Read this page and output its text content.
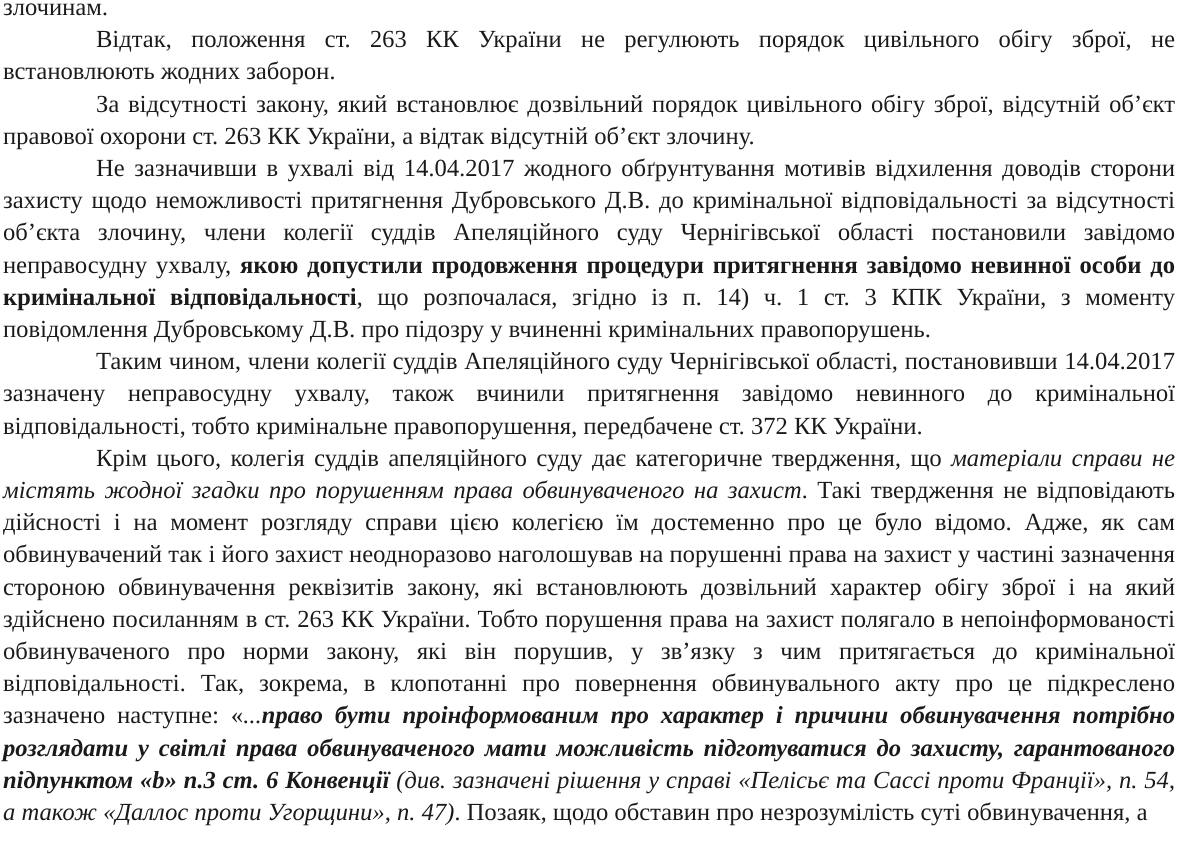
злочинам.

Відтак, положення ст. 263 КК України не регулюють порядок цивільного обігу зброї, не встановлюють жодних заборон.

За відсутності закону, який встановлює дозвільний порядок цивільного обігу зброї, відсутній об’єкт правової охорони ст. 263 КК України, а відтак відсутній об’єкт злочину.

Не зазначивши в ухвалі від 14.04.2017 жодного обґрунтування мотивів відхилення доводів сторони захисту щодо неможливості притягнення Дубровського Д.В. до кримінальної відповідальності за відсутності об’єкта злочину, члени колегії суддів Апеляційного суду Чернігівської області постановили завідомо неправосудну ухвалу, якою допустили продовження процедури притягнення завідомо невинної особи до кримінальної відповідальності, що розпочалася, згідно із п. 14) ч. 1 ст. 3 КПК України, з моменту повідомлення Дубровському Д.В. про підозру у вчиненні кримінальних правопорушень.

Таким чином, члени колегії суддів Апеляційного суду Чернігівської області, постановивши 14.04.2017 зазначену неправосудну ухвалу, також вчинили притягнення завідомо невинного до кримінальної відповідальності, тобто кримінальне правопорушення, передбачене ст. 372 КК України.

Крім цього, колегія суддів апеляційного суду дає категоричне твердження, що матеріали справи не містять жодної згадки про порушенням права обвинуваченого на захист. Такі твердження не відповідають дійсності і на момент розгляду справи цією колегією їм достеменно про це було відомо. Адже, як сам обвинувачений так і його захист неодноразово наголошував на порушенні права на захист у частині зазначення стороною обвинувачення реквізитів закону, які встановлюють дозвільний характер обігу зброї і на який здійснено посиланням в ст. 263 КК України. Тобто порушення права на захист полягало в непоінформованості обвинуваченого про норми закону, які він порушив, у зв’язку з чим притягається до кримінальної відповідальності. Так, зокрема, в клопотанні про повернення обвинувального акту про це підкреслено зазначено наступне: «...право бути проінформованим про характер і причини обвинувачення потрібно розглядати у світлі права обвинуваченого мати можливість підготуватися до захисту, гарантованого підпунктом «b» п.3 ст. 6 Конвенції (див. зазначені рішення у справі «Пелісьє та Сассі проти Франції», п. 54, а також «Даллос проти Угорщини», п. 47). Позаяк, щодо обставин про незрозумілість суті обвинувачення, а
